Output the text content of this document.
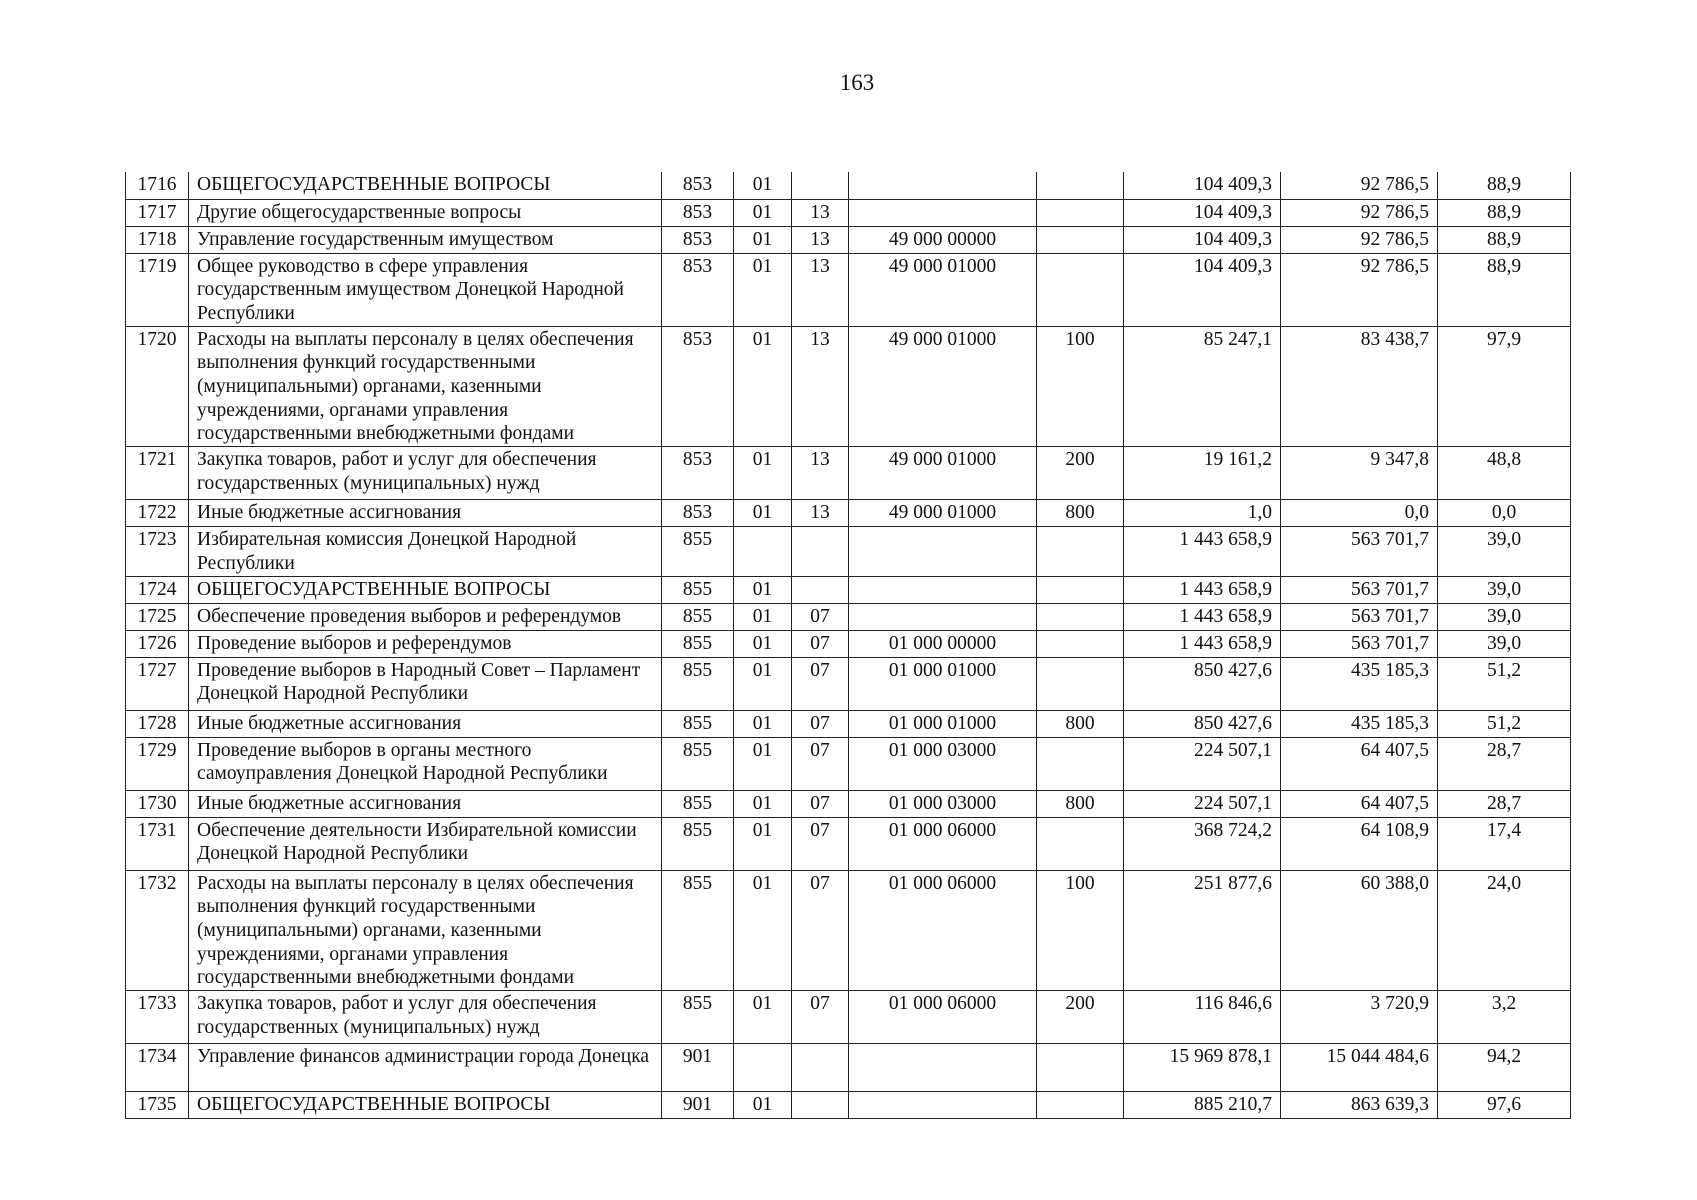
163
1716	ОБЩЕГОСУДАРСТВЕННЫЕ ВОПРОСЫ	853	01				104 409,3	92 786,5	88,9
1717	Другие общегосударственные вопросы	853	01	13			104 409,3	92 786,5	88,9
1718	Управление государственным имуществом	853	01	13	49 000 00000		104 409,3	92 786,5	88,9
1719	Общее руководство в сфере управления государственным имуществом Донецкой Народной Республики	853	01	13	49 000 01000		104 409,3	92 786,5	88,9
1720	Расходы на выплаты персоналу в целях обеспечения выполнения функций государственными (муниципальными) органами, казенными учреждениями, органами управления государственными внебюджетными фондами	853	01	13	49 000 01000	100	85 247,1	83 438,7	97,9
1721	Закупка товаров, работ и услуг для обеспечения государственных (муниципальных) нужд	853	01	13	49 000 01000	200	19 161,2	9 347,8	48,8
1722	Иные бюджетные ассигнования	853	01	13	49 000 01000	800	1,0	0,0	0,0
1723	Избирательная комиссия Донецкой Народной Республики	855					1 443 658,9	563 701,7	39,0
1724	ОБЩЕГОСУДАРСТВЕННЫЕ ВОПРОСЫ	855	01				1 443 658,9	563 701,7	39,0
1725	Обеспечение проведения выборов и референдумов	855	01	07			1 443 658,9	563 701,7	39,0
1726	Проведение выборов и референдумов	855	01	07	01 000 00000		1 443 658,9	563 701,7	39,0
1727	Проведение выборов в Народный Совет – Парламент Донецкой Народной Республики	855	01	07	01 000 01000		850 427,6	435 185,3	51,2
1728	Иные бюджетные ассигнования	855	01	07	01 000 01000	800	850 427,6	435 185,3	51,2
1729	Проведение выборов в органы местного самоуправления Донецкой Народной Республики	855	01	07	01 000 03000		224 507,1	64 407,5	28,7
1730	Иные бюджетные ассигнования	855	01	07	01 000 03000	800	224 507,1	64 407,5	28,7
1731	Обеспечение деятельности Избирательной комиссии Донецкой Народной Республики	855	01	07	01 000 06000		368 724,2	64 108,9	17,4
1732	Расходы на выплаты персоналу в целях обеспечения выполнения функций государственными (муниципальными) органами, казенными учреждениями, органами управления государственными внебюджетными фондами	855	01	07	01 000 06000	100	251 877,6	60 388,0	24,0
1733	Закупка товаров, работ и услуг для обеспечения государственных (муниципальных) нужд	855	01	07	01 000 06000	200	116 846,6	3 720,9	3,2
1734	Управление финансов администрации города Донецка	901					15 969 878,1	15 044 484,6	94,2
1735	ОБЩЕГОСУДАРСТВЕННЫЕ ВОПРОСЫ	901	01				885 210,7	863 639,3	97,6
